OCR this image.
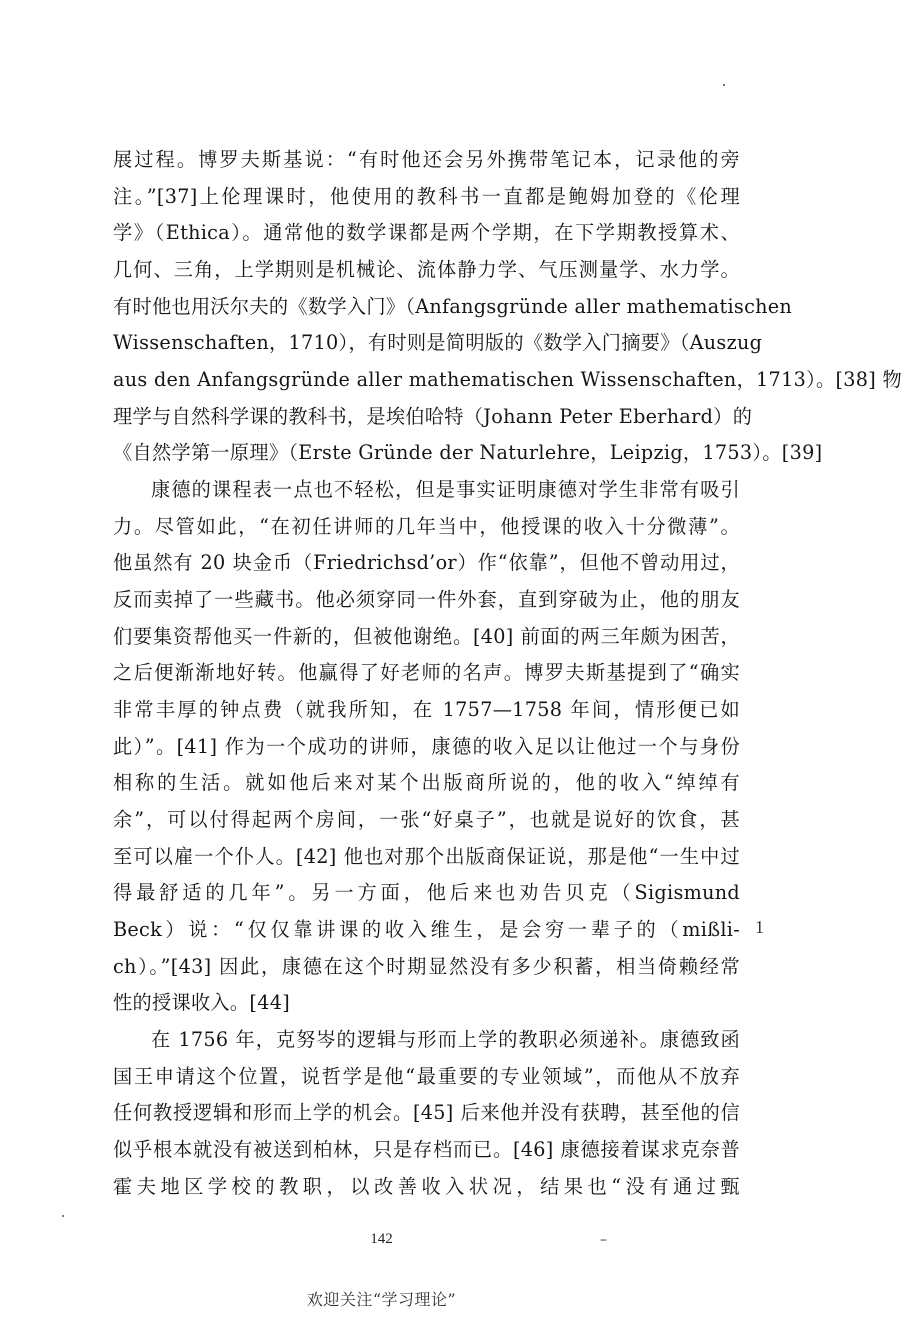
展过程。博罗夫斯基说：“有时他还会另外携带笔记本，记录他的旁
注。”[37]上伦理课时，他使用的教科书一直都是鲍姆加登的《伦理
学》（Ethica）。通常他的数学课都是两个学期，在下学期教授算术、
几何、三角，上学期则是机械论、流体静力学、气压测量学、水力学。
有时他也用沃尔夫的《数学入门》（Anfangsgründe aller mathematischen
Wissenschaften，1710），有时则是简明版的《数学入门摘要》（Auszug
aus den Anfangsgründe aller mathematischen Wissenschaften，1713）。[38] 物
理学与自然科学课的教科书，是埃伯哈特（Johann Peter Eberhard）的
《自然学第一原理》（Erste Gründe der Naturlehre，Leipzig，1753）。[39]
康德的课程表一点也不轻松，但是事实证明康德对学生非常有吸引
力。尽管如此，“在初任讲师的几年当中，他授课的收入十分微薄”。
他虽然有 20 块金币（Friedrichsd’or）作“依靠”，但他不曾动用过，
反而卖掉了一些藏书。他必须穿同一件外套，直到穿破为止，他的朋友
们要集资帮他买一件新的，但被他谢绝。[40] 前面的两三年颇为困苦，
之后便渐渐地好转。他赢得了好老师的名声。博罗夫斯基提到了“确实
非常丰厚的钟点费（就我所知，在 1757—1758 年间，情形便已如
此）”。[41] 作为一个成功的讲师，康德的收入足以让他过一个与身份
相称的生活。就如他后来对某个出版商所说的，他的收入“绰绰有
余”，可以付得起两个房间，一张“好桌子”，也就是说好的饮食，甚
至可以雇一个仆人。[42] 他也对那个出版商保证说，那是他“一生中过
得最舒适的几年”。另一方面，他后来也劝告贝克（Sigismund
Beck）说：“仅仅靠讲课的收入维生，是会穷一辈子的（mißli-
ch）。”[43] 因此，康德在这个时期显然没有多少积蓄，相当倚赖经常
性的授课收入。[44]
在 1756 年，克努岑的逻辑与形而上学的教职必须递补。康德致函
国王申请这个位置，说哲学是他“最重要的专业领域”，而他从不放弃
任何教授逻辑和形而上学的机会。[45] 后来他并没有获聘，甚至他的信
似乎根本就没有被送到柏林，只是存档而已。[46] 康德接着谋求克奈普
霍夫地区学校的教职，以改善收入状况，结果也“没有通过甄
1
142	–
欢迎关注“学习理论”
